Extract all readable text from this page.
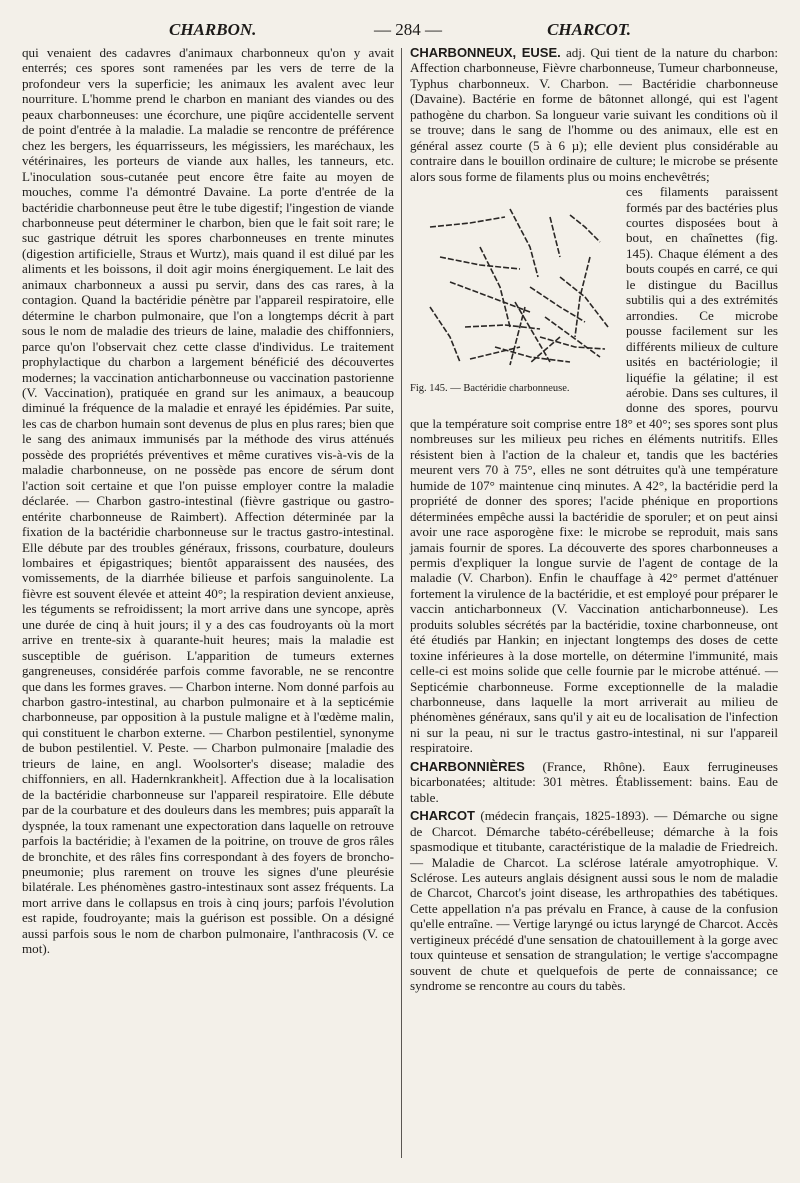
CHARBON.	— 284 —	CHARCOT.

qui venaient des cadavres d'animaux charbonneux qu'on y avait enterrés; ces spores sont ramenées par les vers de terre de la profondeur vers la superficie; les animaux les avalent avec leur nourriture. L'homme prend le charbon en maniant des viandes ou des peaux charbonneuses: une écorchure, une piqûre accidentelle servent de point d'entrée à la maladie. La maladie se rencontre de préférence chez les bergers, les équarrisseurs, les mégissiers, les maréchaux, les vétérinaires, les porteurs de viande aux halles, les tanneurs, etc. L'inoculation sous-cutanée peut encore être faite au moyen de mouches, comme l'a démontré Davaine. La porte d'entrée de la bactéridie charbonneuse peut être le tube digestif; l'ingestion de viande charbonneuse peut déterminer le charbon, bien que le fait soit rare; le suc gastrique détruit les spores charbonneuses en trente minutes (digestion artificielle, Straus et Wurtz), mais quand il est dilué par les aliments et les boissons, il doit agir moins énergiquement. Le lait des animaux charbonneux a aussi pu servir, dans des cas rares, à la contagion. Quand la bactéridie pénètre par l'appareil respiratoire, elle détermine le charbon pulmonaire, que l'on a longtemps décrit à part sous le nom de maladie des trieurs de laine, maladie des chiffonniers, parce qu'on l'observait chez cette classe d'individus. Le traitement prophylactique du charbon a largement bénéficié des découvertes modernes; la vaccination anticharbonneuse ou vaccination pastorienne (V. Vaccination), pratiquée en grand sur les animaux, a beaucoup diminué la fréquence de la maladie et enrayé les épidémies. Par suite, les cas de charbon humain sont devenus de plus en plus rares; bien que le sang des animaux immunisés par la méthode des virus atténués possède des propriétés préventives et même curatives vis-à-vis de la maladie charbonneuse, on ne possède pas encore de sérum dont l'action soit certaine et que l'on puisse employer contre la maladie déclarée. — Charbon gastro-intestinal (fièvre gastrique ou gastro-entérite charbonneuse de Raimbert). Affection déterminée par la fixation de la bactéridie charbonneuse sur le tractus gastro-intestinal. Elle débute par des troubles généraux, frissons, courbature, douleurs lombaires et épigastriques; bientôt apparaissent des nausées, des vomissements, de la diarrhée bilieuse et parfois sanguinolente. La fièvre est souvent élevée et atteint 40°; la respiration devient anxieuse, les téguments se refroidissent; la mort arrive dans une syncope, après une durée de cinq à huit jours; il y a des cas foudroyants où la mort arrive en trente-six à quarante-huit heures; mais la maladie est susceptible de guérison. L'apparition de tumeurs externes gangreneuses, considérée parfois comme favorable, ne se rencontre que dans les formes graves. — Charbon interne. Nom donné parfois au charbon gastro-intestinal, au charbon pulmonaire et à la septicémie charbonneuse, par opposition à la pustule maligne et à l'œdème malin, qui constituent le charbon externe. — Charbon pestilentiel, synonyme de bubon pestilentiel. V. Peste. — Charbon pulmonaire [maladie des trieurs de laine, en angl. Woolsorter's disease; maladie des chiffonniers, en all. Hadernkrankheit]. Affection due à la localisation de la bactéridie charbonneuse sur l'appareil respiratoire. Elle débute par de la courbature et des douleurs dans les membres; puis apparaît la dyspnée, la toux ramenant une expectoration dans laquelle on retrouve parfois la bactéridie; à l'examen de la poitrine, on trouve de gros râles de bronchite, et des râles fins correspondant à des foyers de broncho-pneumonie; plus rarement on trouve les signes d'une pleurésie bilatérale. Les phénomènes gastro-intestinaux sont assez fréquents. La mort arrive dans le collapsus en trois à cinq jours; parfois l'évolution est rapide, foudroyante; mais la guérison est possible. On a désigné aussi parfois sous le nom de charbon pulmonaire, l'anthracosis (V. ce mot).

CHARBONNEUX, EUSE. adj. Qui tient de la nature du charbon: Affection charbonneuse, Fièvre charbonneuse, Tumeur charbonneuse, Typhus charbonneux. V. Charbon. — Bactéridie charbonneuse (Davaine). Bactérie en forme de bâtonnet allongé, qui est l'agent pathogène du charbon. Sa longueur varie suivant les conditions où il se trouve; dans le sang de l'homme ou des animaux, elle est en général assez courte (5 à 6 µ); elle devient plus considérable au contraire dans le bouillon ordinaire de culture; le microbe se présente alors sous forme de filaments plus ou moins enchevêtrés;

Fig. 145. — Bactéridie charbonneuse.

ces filaments paraissent formés par des bactéries plus courtes disposées bout à bout, en chaînettes (fig. 145). Chaque élément a des bouts coupés en carré, ce qui le distingue du Bacillus subtilis qui a des extrémités arrondies. Ce microbe pousse facilement sur les différents milieux de culture usités en bactériologie; il liquéfie la gélatine; il est aérobie. Dans ses cultures, il donne des spores, pourvu que la température soit comprise entre 18° et 40°; ses spores sont plus nombreuses sur les milieux peu riches en éléments nutritifs. Elles résistent bien à l'action de la chaleur et, tandis que les bactéries meurent vers 70 à 75°, elles ne sont détruites qu'à une température humide de 107° maintenue cinq minutes. A 42°, la bactéridie perd la propriété de donner des spores; l'acide phénique en proportions déterminées empêche aussi la bactéridie de sporuler; et on peut ainsi avoir une race asporogène fixe: le microbe se reproduit, mais sans jamais fournir de spores. La découverte des spores charbonneuses a permis d'expliquer la longue survie de l'agent de contage de la maladie (V. Charbon). Enfin le chauffage à 42° permet d'atténuer fortement la virulence de la bactéridie, et est employé pour préparer le vaccin anticharbonneux (V. Vaccination anticharbonneuse). Les produits solubles sécrétés par la bactéridie, toxine charbonneuse, ont été étudiés par Hankin; en injectant longtemps des doses de cette toxine inférieures à la dose mortelle, on détermine l'immunité, mais celle-ci est moins solide que celle fournie par le microbe atténué. — Septicémie charbonneuse. Forme exceptionnelle de la maladie charbonneuse, dans laquelle la mort arriverait au milieu de phénomènes généraux, sans qu'il y ait eu de localisation de l'infection ni sur la peau, ni sur le tractus gastro-intestinal, ni sur l'appareil respiratoire.

CHARBONNIÈRES (France, Rhône). Eaux ferrugineuses bicarbonatées; altitude: 301 mètres. Établissement: bains. Eau de table.

CHARCOT (médecin français, 1825-1893). — Démarche ou signe de Charcot. Démarche tabéto-cérébelleuse; démarche à la fois spasmodique et titubante, caractéristique de la maladie de Friedreich. — Maladie de Charcot. La sclérose latérale amyotrophique. V. Sclérose. Les auteurs anglais désignent aussi sous le nom de maladie de Charcot, Charcot's joint disease, les arthropathies des tabétiques. Cette appellation n'a pas prévalu en France, à cause de la confusion qu'elle entraîne. — Vertige laryngé ou ictus laryngé de Charcot. Accès vertigineux précédé d'une sensation de chatouillement à la gorge avec toux quinteuse et sensation de strangulation; le vertige s'accompagne souvent de chute et quelquefois de perte de connaissance; ce syndrome se rencontre au cours du tabès.
